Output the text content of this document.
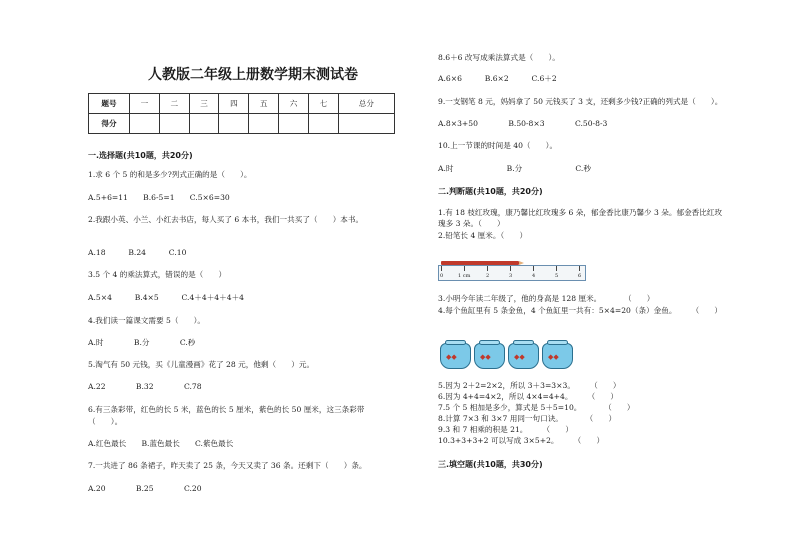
人教版二年级上册数学期末测试卷
题号	一	二	三	四	五	六	七	总分
得分								
一.选择题(共10题，共20分)
1.求 6 个 5 的和是多少?列式正确的是（　　）。
A.5+6=11　　B.6-5=1　　C.5×6=30
2.我跟小英、小兰、小红去书店，每人买了 6 本书，我们一共买了（　　）本书。
A.18　　　B.24　　　C.10
3.5 个 4 的乘法算式，错误的是（　　）
A.5×4　　　B.4×5　　　C.4＋4＋4＋4＋4
4.我们读一篇课文需要 5（　　）。
A.时　　　　B.分　　　　C.秒
5.淘气有 50 元钱，买《儿童漫画》花了 28 元，他剩（　　）元。
A.22　　　　B.32　　　　C.78
6.有三条彩带，红色的长 5 米，蓝色的长 5 厘米，紫色的长 50 厘米，这三条彩带
（　　）。
A.红色最长　　B.蓝色最长　　C.紫色最长
7.一共进了 86 条裙子，昨天卖了 25 条，今天又卖了 36 条。还剩下（　　）条。
A.20　　　　B.25　　　　C.20
8.6＋6 改写成乘法算式是（　　）。
A.6×6　　　B.6×2　　　C.6＋2
9.一支钢笔 8 元，妈妈拿了 50 元钱买了 3 支，还剩多少钱?正确的列式是（　　）。
A.8×3+50　　　　B.50-8×3　　　　C.50-8-3
10.上一节课的时间是 40（　　）。
A.时　　　　　　　B.分　　　　　　　C.秒
二.判断题(共10题，共20分)
1.有 18 枝红玫瑰，康乃馨比红玫瑰多 6 朵，郁金香比康乃馨少 3 朵。郁金香比红玫
瑰多 3 朵。（　　）
2.铅笔长 4 厘米。（　　）
0	1 cm	2	3	4	5	6
3.小明今年读二年级了，他的身高是 128 厘米。　　　　（　　）
4.每个鱼缸里有 5 条金鱼，4 个鱼缸里一共有：5×4=20（条）金鱼。　　　（　　）
◆◆	◆◆	◆◆	◆◆
5.因为 2＋2=2×2，所以 3＋3=3×3。　　　（　　）
6.因为 4+4=4×2，所以 4×4=4+4。　　　（　　）
7.5 个 5 相加是多少，算式是 5＋5=10。　　　　（　　）
8.计算 7×3 和 3×7 用同一句口诀。　　　　（　　）
9.3 和 7 相乘的积是 21。　　　（　　）
10.3+3+3+2 可以写成 3×5+2。　　　（　　）
三.填空题(共10题，共30分)
